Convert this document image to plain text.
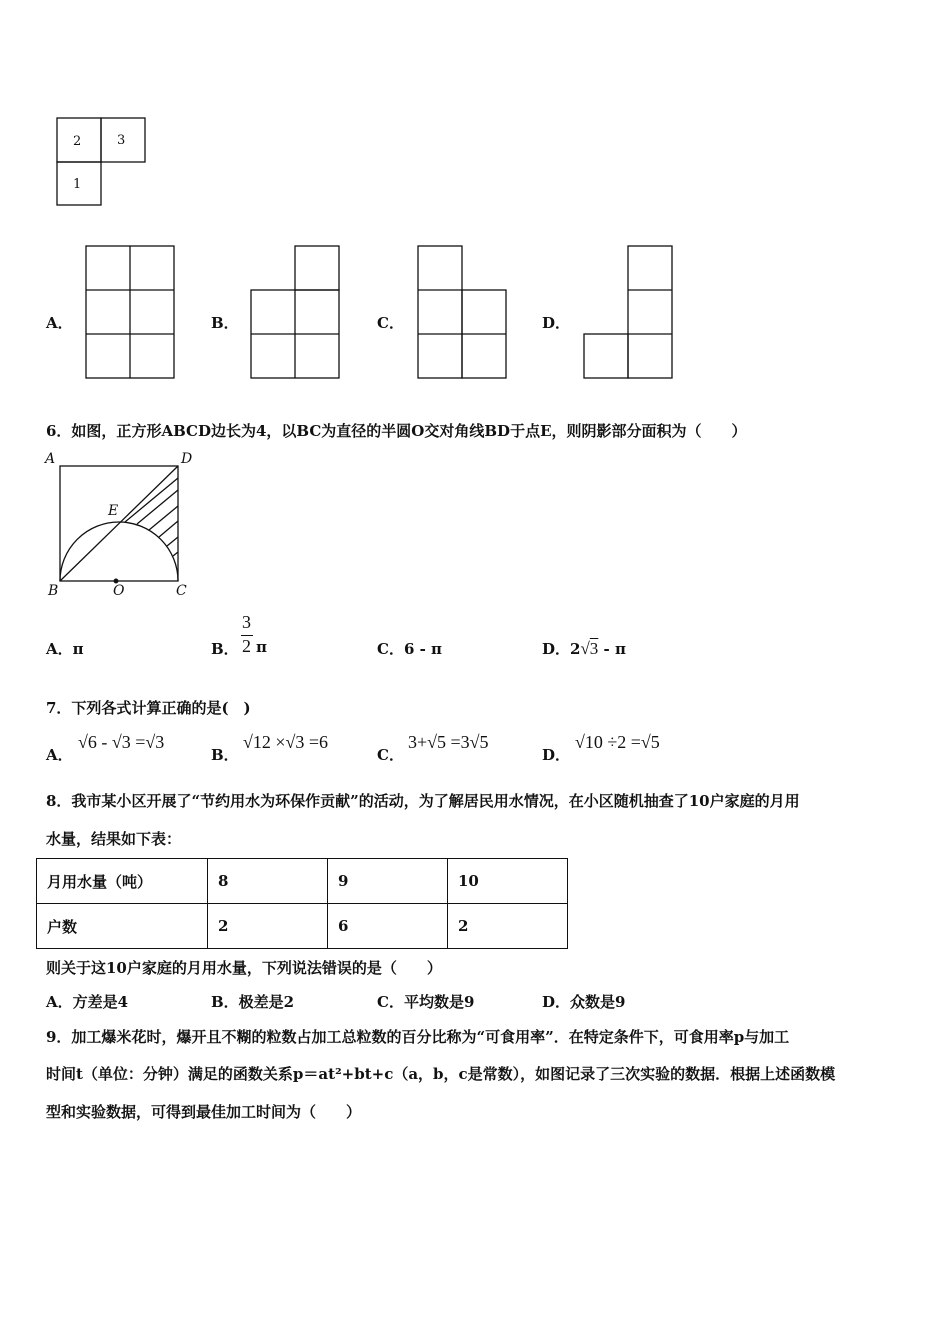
2	3
1
A．	B．	C．	D．
6．如图，正方形ABCD边长为4，以BC为直径的半圆O交对角线BD于点E，则阴影部分面积为（　　）
A	D
E
B	O	C
A．π	B．
3
2 π	C．6 - π	D．2√3 - π
7．下列各式计算正确的是(　)
A．
√6 - √3 =√3
B．
√12 ×√3 =6
C．
3+√5 =3√5
D．
√10 ÷2 =√5
8．我市某小区开展了“节约用水为环保作贡献”的活动，为了解居民用水情况，在小区随机抽查了10户家庭的月用
水量，结果如下表：
月用水量（吨）	8	9	10
户数	2	6	2
则关于这10户家庭的月用水量，下列说法错误的是（　　）
A．方差是4	B．极差是2	C．平均数是9	D．众数是9
9．加工爆米花时，爆开且不糊的粒数占加工总粒数的百分比称为“可食用率”．在特定条件下，可食用率p与加工
时间t（单位：分钟）满足的函数关系p＝at²+bt+c（a，b，c是常数），如图记录了三次实验的数据．根据上述函数模
型和实验数据，可得到最佳加工时间为（　　）
